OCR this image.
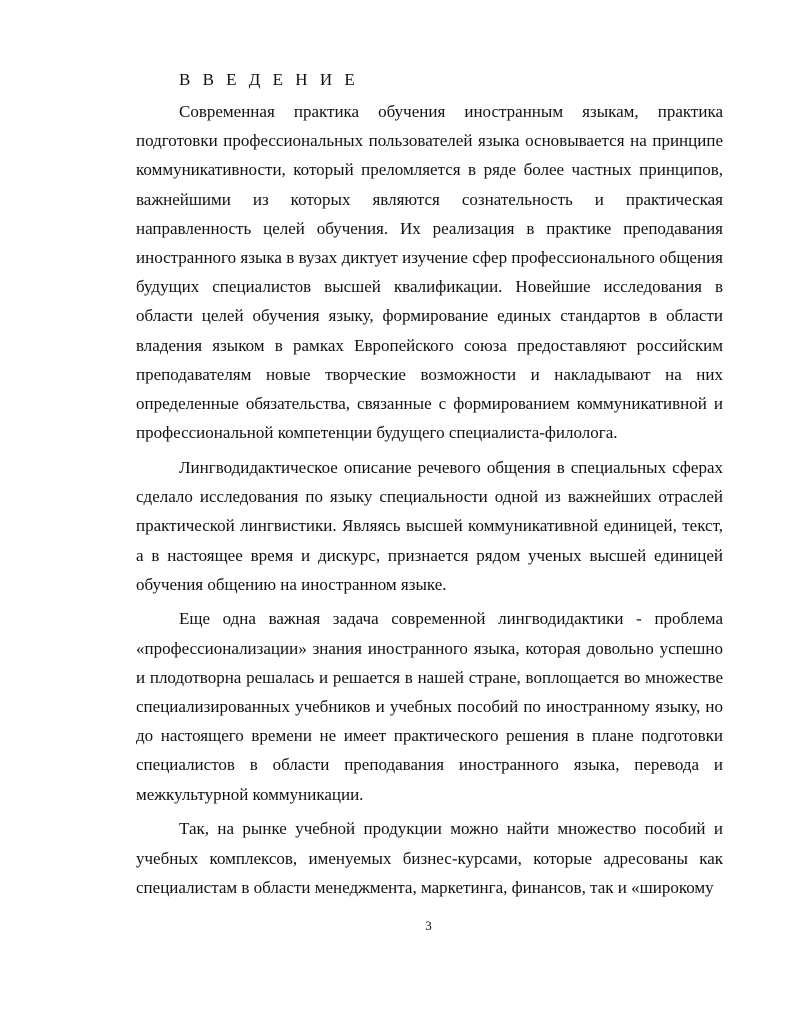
В В Е Д Е Н И Е

Современная практика обучения иностранным языкам, практика подготовки профессиональных пользователей языка основывается на принципе коммуникативности, который преломляется в ряде более частных принципов, важнейшими из которых являются сознательность и практическая направленность целей обучения. Их реализация в практике преподавания иностранного языка в вузах диктует изучение сфер профессионального общения будущих специалистов высшей квалификации. Новейшие исследования в области целей обучения языку, формирование единых стандартов в области владения языком в рамках Европейского союза предоставляют российским преподавателям новые творческие возможности и накладывают на них определенные обязательства, связанные с формированием коммуникативной и профессиональной компетенции будущего специалиста-филолога.

Лингводидактическое описание речевого общения в специальных сферах сделало исследования по языку специальности одной из важнейших отраслей практической лингвистики. Являясь высшей коммуникативной единицей, текст, а в настоящее время и дискурс, признается рядом ученых высшей единицей обучения общению на иностранном языке.

Еще одна важная задача современной лингводидактики - проблема «профессионализации» знания иностранного языка, которая довольно успешно и плодотворна решалась и решается в нашей стране, воплощается во множестве специализированных учебников и учебных пособий по иностранному языку, но до настоящего времени не имеет практического решения в плане подготовки специалистов в области преподавания иностранного языка, перевода и межкультурной коммуникации.

Так, на рынке учебной продукции можно найти множество пособий и учебных комплексов, именуемых бизнес-курсами, которые адресованы как специалистам в области менеджмента, маркетинга, финансов, так и «широкому

3
